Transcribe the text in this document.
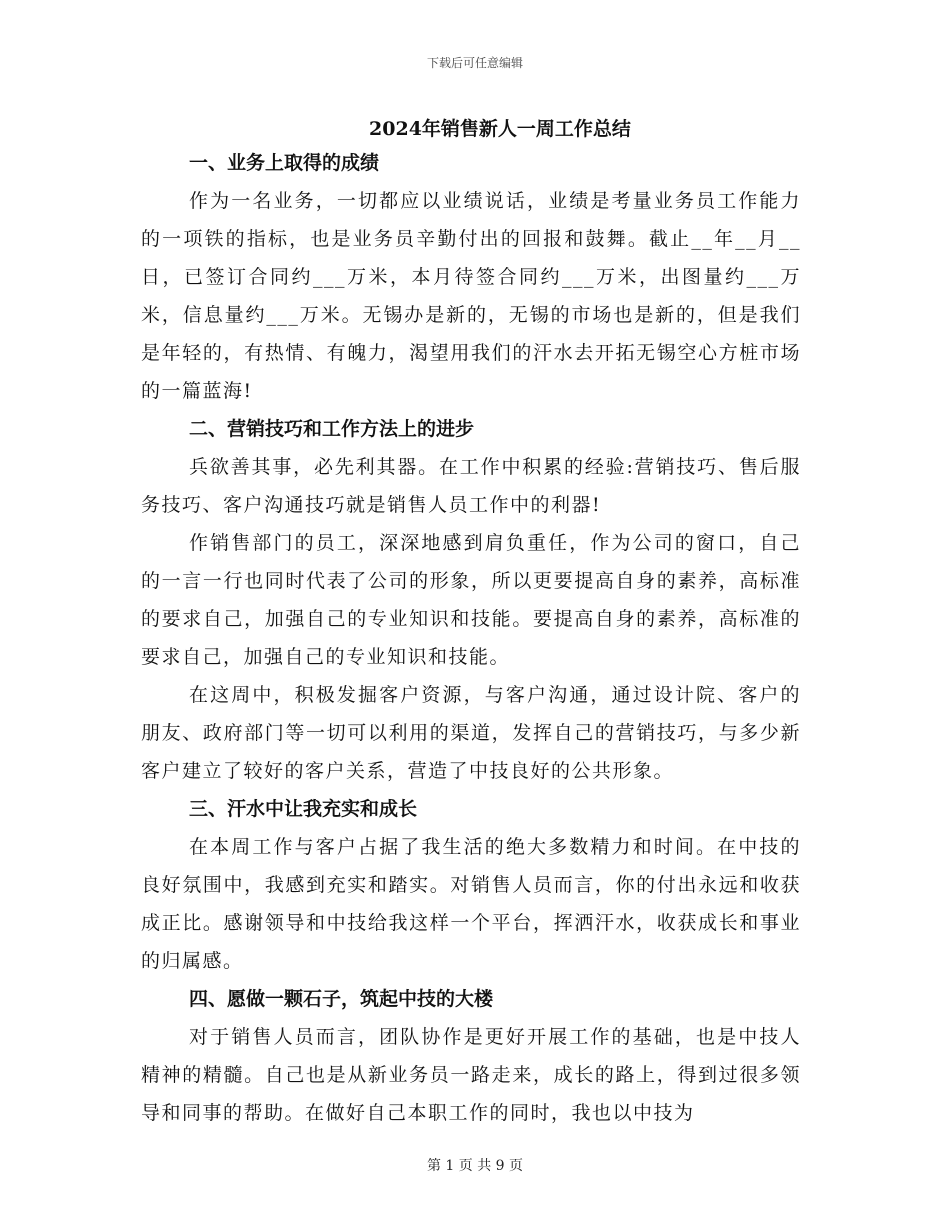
下载后可任意编辑
2024年销售新人一周工作总结
一、业务上取得的成绩

作为一名业务，一切都应以业绩说话，业绩是考量业务员工作能力的一项铁的指标，也是业务员辛勤付出的回报和鼓舞。截止__年__月__日，已签订合同约___万米，本月待签合同约___万米，出图量约___万米，信息量约___万米。无锡办是新的，无锡的市场也是新的，但是我们是年轻的，有热情、有魄力，渴望用我们的汗水去开拓无锡空心方桩市场的一篇蓝海!

二、营销技巧和工作方法上的进步

兵欲善其事，必先利其器。在工作中积累的经验:营销技巧、售后服务技巧、客户沟通技巧就是销售人员工作中的利器!

作销售部门的员工，深深地感到肩负重任，作为公司的窗口，自己的一言一行也同时代表了公司的形象，所以更要提高自身的素养，高标准的要求自己，加强自己的专业知识和技能。要提高自身的素养，高标准的要求自己，加强自己的专业知识和技能。

在这周中，积极发掘客户资源，与客户沟通，通过设计院、客户的朋友、政府部门等一切可以利用的渠道，发挥自己的营销技巧，与多少新客户建立了较好的客户关系，营造了中技良好的公共形象。

三、汗水中让我充实和成长

在本周工作与客户占据了我生活的绝大多数精力和时间。在中技的良好氛围中，我感到充实和踏实。对销售人员而言，你的付出永远和收获成正比。感谢领导和中技给我这样一个平台，挥洒汗水，收获成长和事业的归属感。

四、愿做一颗石子，筑起中技的大楼

对于销售人员而言，团队协作是更好开展工作的基础，也是中技人精神的精髓。自己也是从新业务员一路走来，成长的路上，得到过很多领导和同事的帮助。在做好自己本职工作的同时，我也以中技为

第 1 页 共 9 页
